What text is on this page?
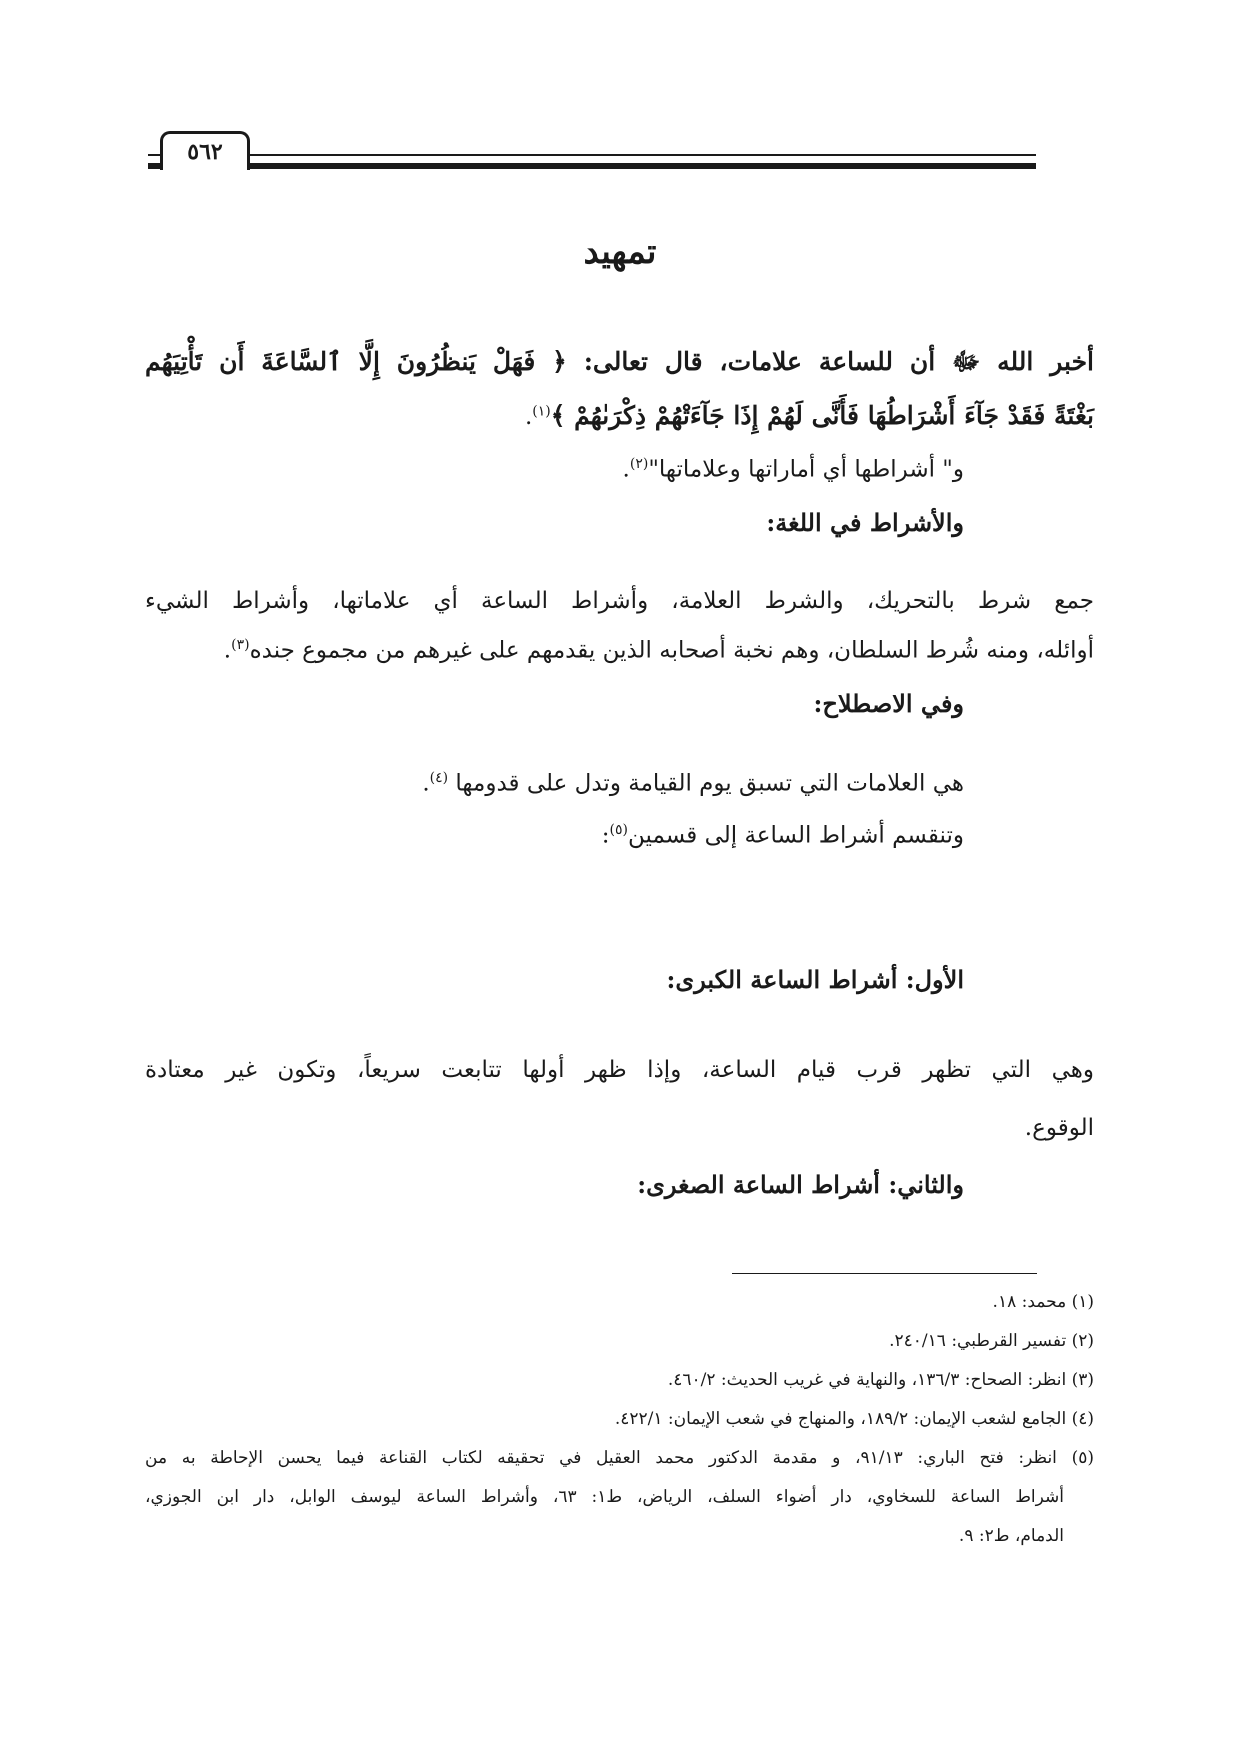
٥٦٢
تمهيد
أخبر الله ﷻ أن للساعة علامات، قال تعالى: ﴿ فَهَلْ يَنظُرُونَ إِلَّا ٱلسَّاعَةَ أَن تَأْتِيَهُم
بَغْتَةً فَقَدْ جَآءَ أَشْرَاطُهَا فَأَنَّى لَهُمْ إِذَا جَآءَتْهُمْ ذِكْرَىٰهُمْ ﴾$^{(١)}$.
و" أشراطها أي أماراتها وعلاماتها"$^{(٢)}$.
والأشراط في اللغة:
جمع شرط بالتحريك، والشرط العلامة، وأشراط الساعة أي علاماتها، وأشراط الشيء
أوائله، ومنه شُرط السلطان، وهم نخبة أصحابه الذين يقدمهم على غيرهم من مجموع جنده$^{(٣)}$.
وفي الاصطلاح:
هي العلامات التي تسبق يوم القيامة وتدل على قدومها $^{(٤)}$.
وتنقسم أشراط الساعة إلى قسمين$^{(٥)}$:
الأول: أشراط الساعة الكبرى:
وهي التي تظهر قرب قيام الساعة، وإذا ظهر أولها تتابعت سريعاً، وتكون غير معتادة
الوقوع.
والثاني: أشراط الساعة الصغرى:
(١) محمد: ١٨.
(٢) تفسير القرطبي: ٢٤٠/١٦.
(٣) انظر: الصحاح: ١٣٦/٣، والنهاية في غريب الحديث: ٤٦٠/٢.
(٤) الجامع لشعب الإيمان: ١٨٩/٢، والمنهاج في شعب الإيمان: ٤٢٢/١.
(٥) انظر: فتح الباري: ٩١/١٣، و مقدمة الدكتور محمد العقيل في تحقيقه لكتاب القناعة فيما يحسن الإحاطة به من
أشراط الساعة للسخاوي، دار أضواء السلف، الرياض، ط١: ٦٣، وأشراط الساعة ليوسف الوابل، دار ابن الجوزي،
الدمام، ط٢: ٩.
